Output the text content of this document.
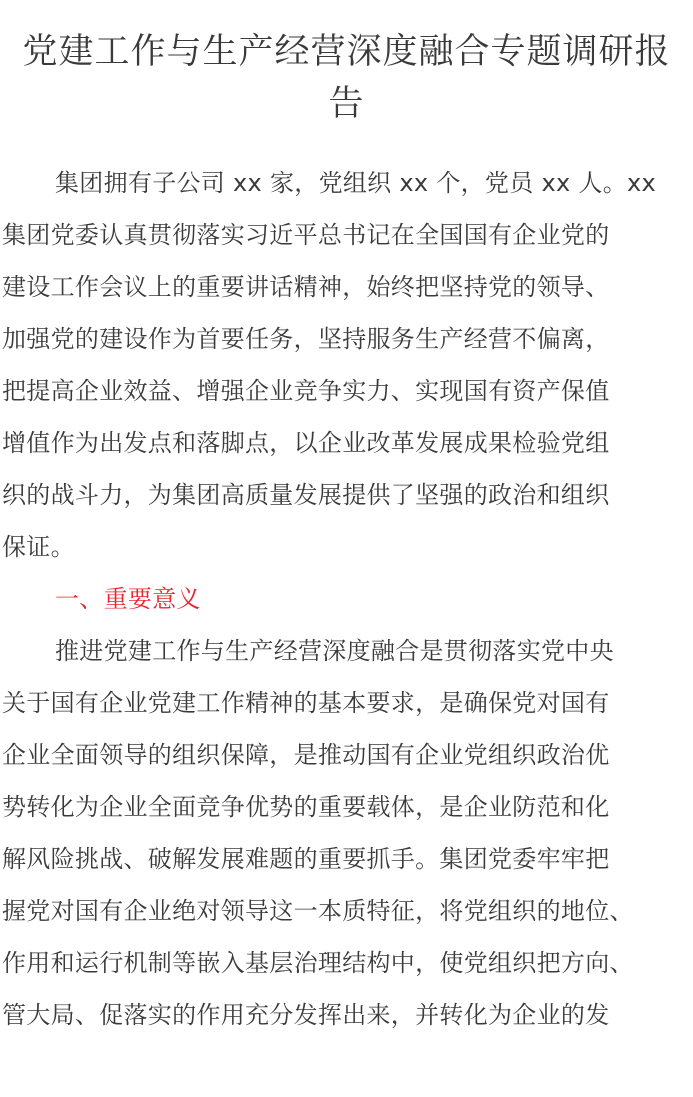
党建工作与生产经营深度融合专题调研报
告
集团拥有子公司 xx 家，党组织 xx 个，党员 xx 人。xx
集团党委认真贯彻落实习近平总书记在全国国有企业党的
建设工作会议上的重要讲话精神，始终把坚持党的领导、
加强党的建设作为首要任务，坚持服务生产经营不偏离，
把提高企业效益、增强企业竞争实力、实现国有资产保值
增值作为出发点和落脚点，以企业改革发展成果检验党组
织的战斗力，为集团高质量发展提供了坚强的政治和组织
保证。
一、重要意义
推进党建工作与生产经营深度融合是贯彻落实党中央
关于国有企业党建工作精神的基本要求，是确保党对国有
企业全面领导的组织保障，是推动国有企业党组织政治优
势转化为企业全面竞争优势的重要载体，是企业防范和化
解风险挑战、破解发展难题的重要抓手。集团党委牢牢把
握党对国有企业绝对领导这一本质特征，将党组织的地位、
作用和运行机制等嵌入基层治理结构中，使党组织把方向、
管大局、促落实的作用充分发挥出来，并转化为企业的发
